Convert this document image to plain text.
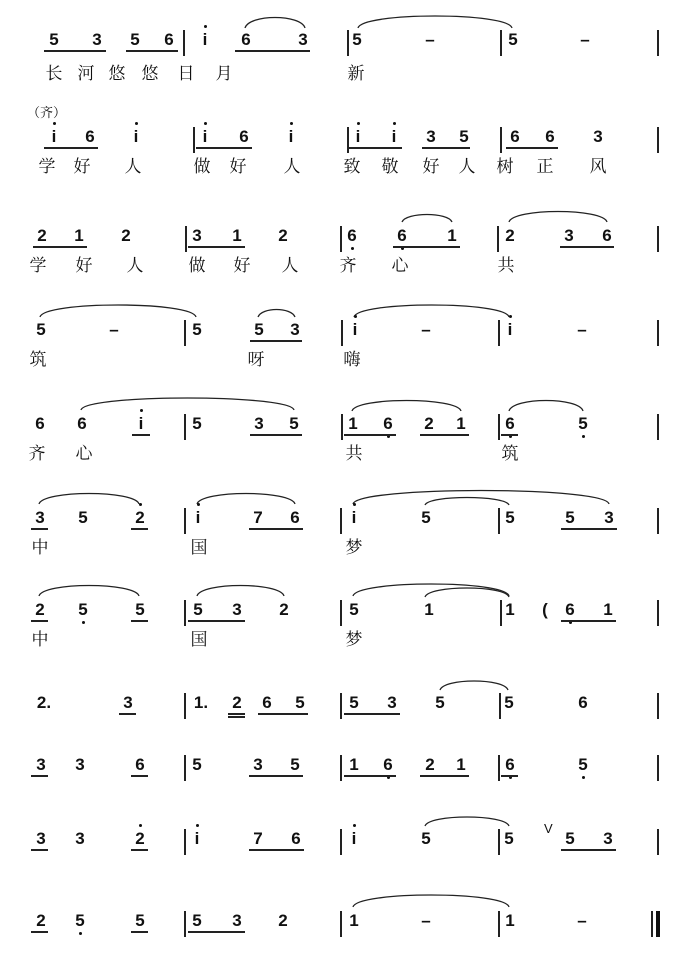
5	3	5	6	i	6	3	5	–	5	–
长 河 悠 悠 日 月	新
（齐）
i	6	i	i	6	i	i	i	3	5	6	6	3
学 好 人	做 好 人	致 敬 好 人 树 正 风
2	1	2	3	1	2	6	6	1	2	3	6
学 好 人	做 好 人 齐 心	共
5	–	5	5	3	i	–	i	–
筑	呀	嗨
6	6	i	5	3	5	1	6	2	1	6	5
齐 心	共	筑
3	5	2	i	7	6	i	5	5	5	3
中	国	梦
2	5	5	5	3	2	5	1	1	(	6	1
中	国	梦
2.	3	1.	2	6	5	5	3	5	5	6
3	3	6	5	3	5	1	6	2	1	6	5
3	3	2	i	7	6	i	5	5
V
5	3
2	5	5	5	3	2	1	–	1	–
